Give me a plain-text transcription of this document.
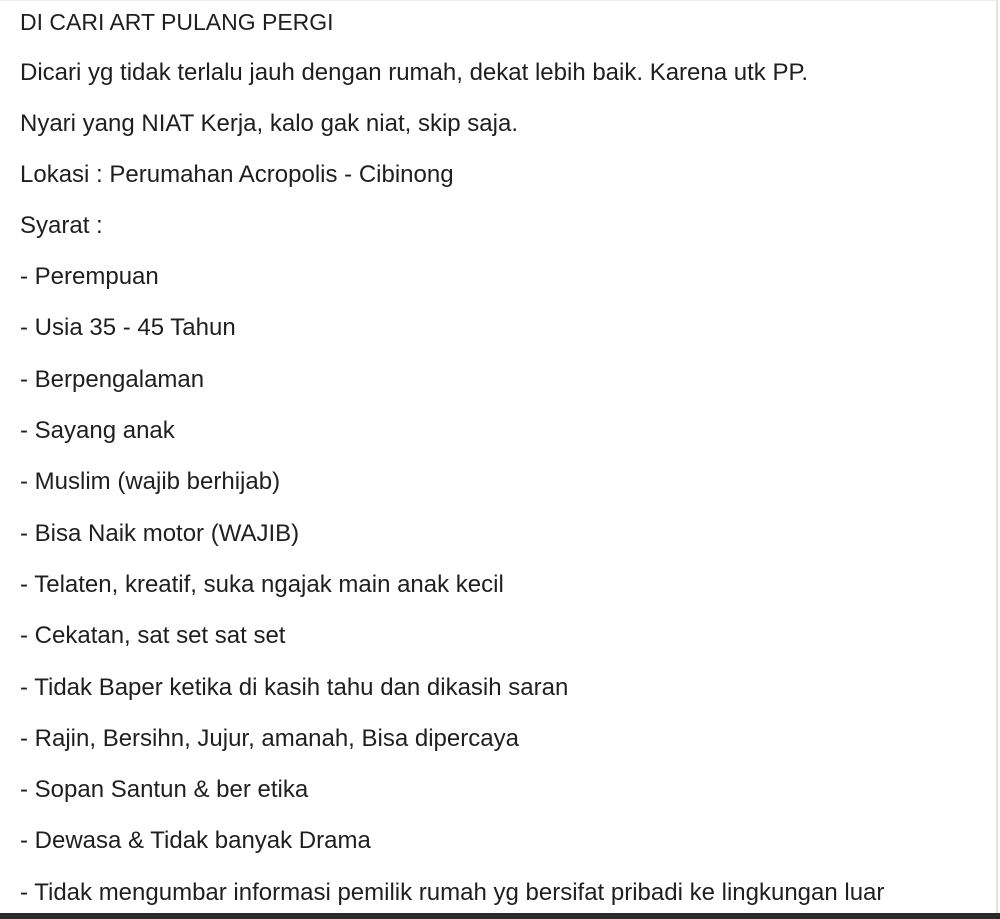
DI CARI ART PULANG PERGI
Dicari yg tidak terlalu jauh dengan rumah, dekat lebih baik. Karena utk PP.
Nyari yang NIAT Kerja, kalo gak niat, skip saja.
Lokasi : Perumahan Acropolis - Cibinong
Syarat :
- Perempuan
- Usia 35 - 45 Tahun
- Berpengalaman
- Sayang anak
- Muslim (wajib berhijab)
- Bisa Naik motor (WAJIB)
- Telaten, kreatif, suka ngajak main anak kecil
- Cekatan, sat set sat set
- Tidak Baper ketika di kasih tahu dan dikasih saran
- Rajin, Bersihn, Jujur, amanah, Bisa dipercaya
- Sopan Santun & ber etika
- Dewasa & Tidak banyak Drama
- Tidak mengumbar informasi pemilik rumah yg bersifat pribadi ke lingkungan luar
